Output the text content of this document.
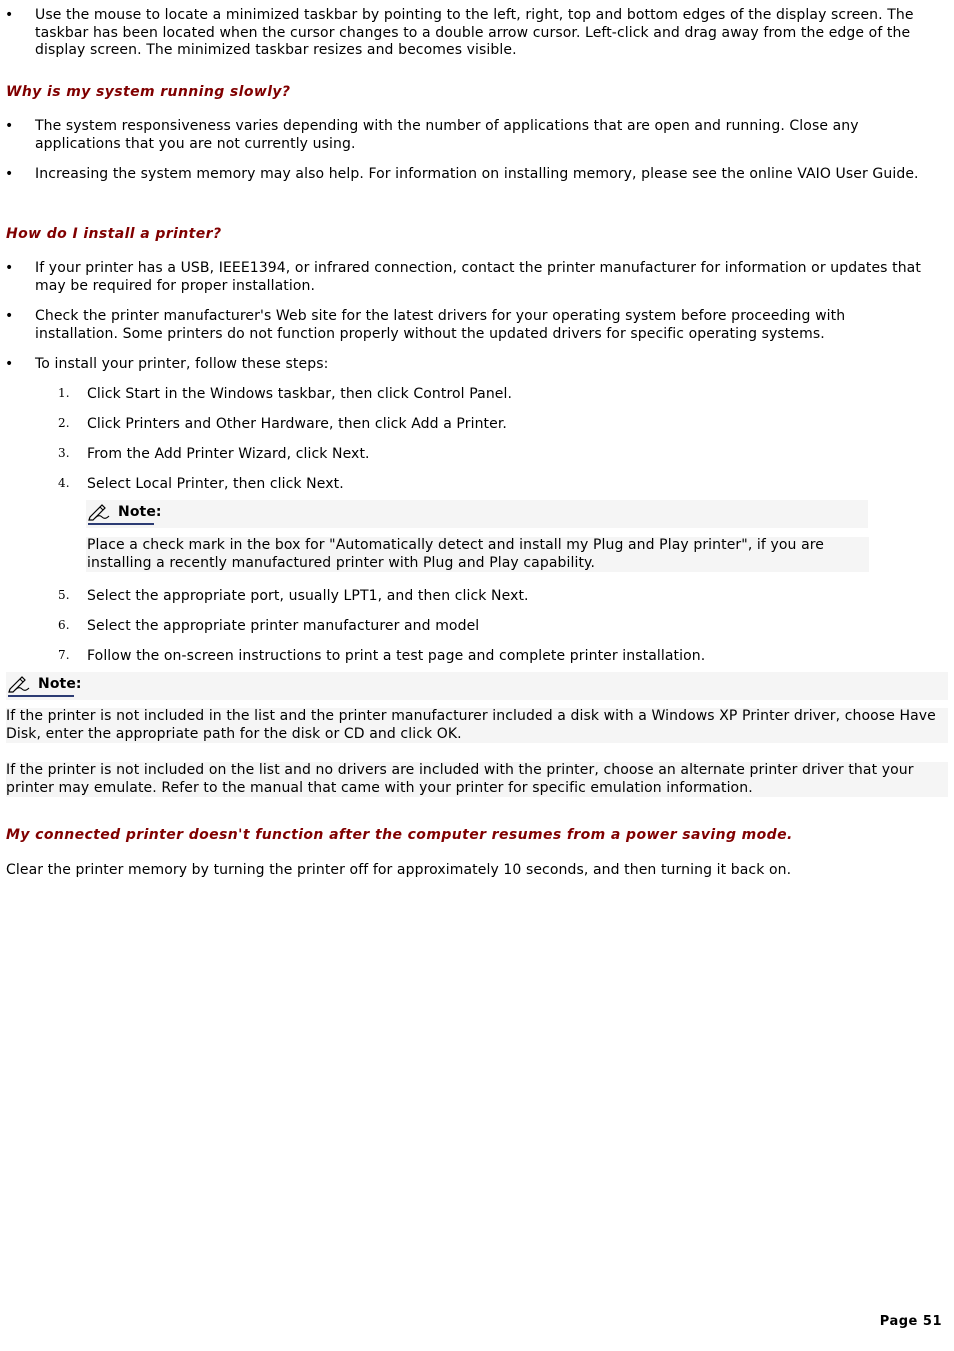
• Use the mouse to locate a minimized taskbar by pointing to the left, right, top and bottom edges of the display screen. The taskbar has been located when the cursor changes to a double arrow cursor. Left-click and drag away from the edge of the display screen. The minimized taskbar resizes and becomes visible.
Why is my system running slowly?
• The system responsiveness varies depending with the number of applications that are open and running. Close any applications that you are not currently using.
• Increasing the system memory may also help. For information on installing memory, please see the online VAIO User Guide.
How do I install a printer?
• If your printer has a USB, IEEE1394, or infrared connection, contact the printer manufacturer for information or updates that may be required for proper installation.
• Check the printer manufacturer's Web site for the latest drivers for your operating system before proceeding with installation. Some printers do not function properly without the updated drivers for specific operating systems.
• To install your printer, follow these steps:
1. Click Start in the Windows taskbar, then click Control Panel.
2. Click Printers and Other Hardware, then click Add a Printer.
3. From the Add Printer Wizard, click Next.
4. Select Local Printer, then click Next.
Note:
Place a check mark in the box for "Automatically detect and install my Plug and Play printer", if you are installing a recently manufactured printer with Plug and Play capability.
5. Select the appropriate port, usually LPT1, and then click Next.
6. Select the appropriate printer manufacturer and model
7. Follow the on-screen instructions to print a test page and complete printer installation.
Note:
If the printer is not included in the list and the printer manufacturer included a disk with a Windows XP Printer driver, choose Have Disk, enter the appropriate path for the disk or CD and click OK.
If the printer is not included on the list and no drivers are included with the printer, choose an alternate printer driver that your printer may emulate. Refer to the manual that came with your printer for specific emulation information.
My connected printer doesn't function after the computer resumes from a power saving mode.
Clear the printer memory by turning the printer off for approximately 10 seconds, and then turning it back on.
Page 51
